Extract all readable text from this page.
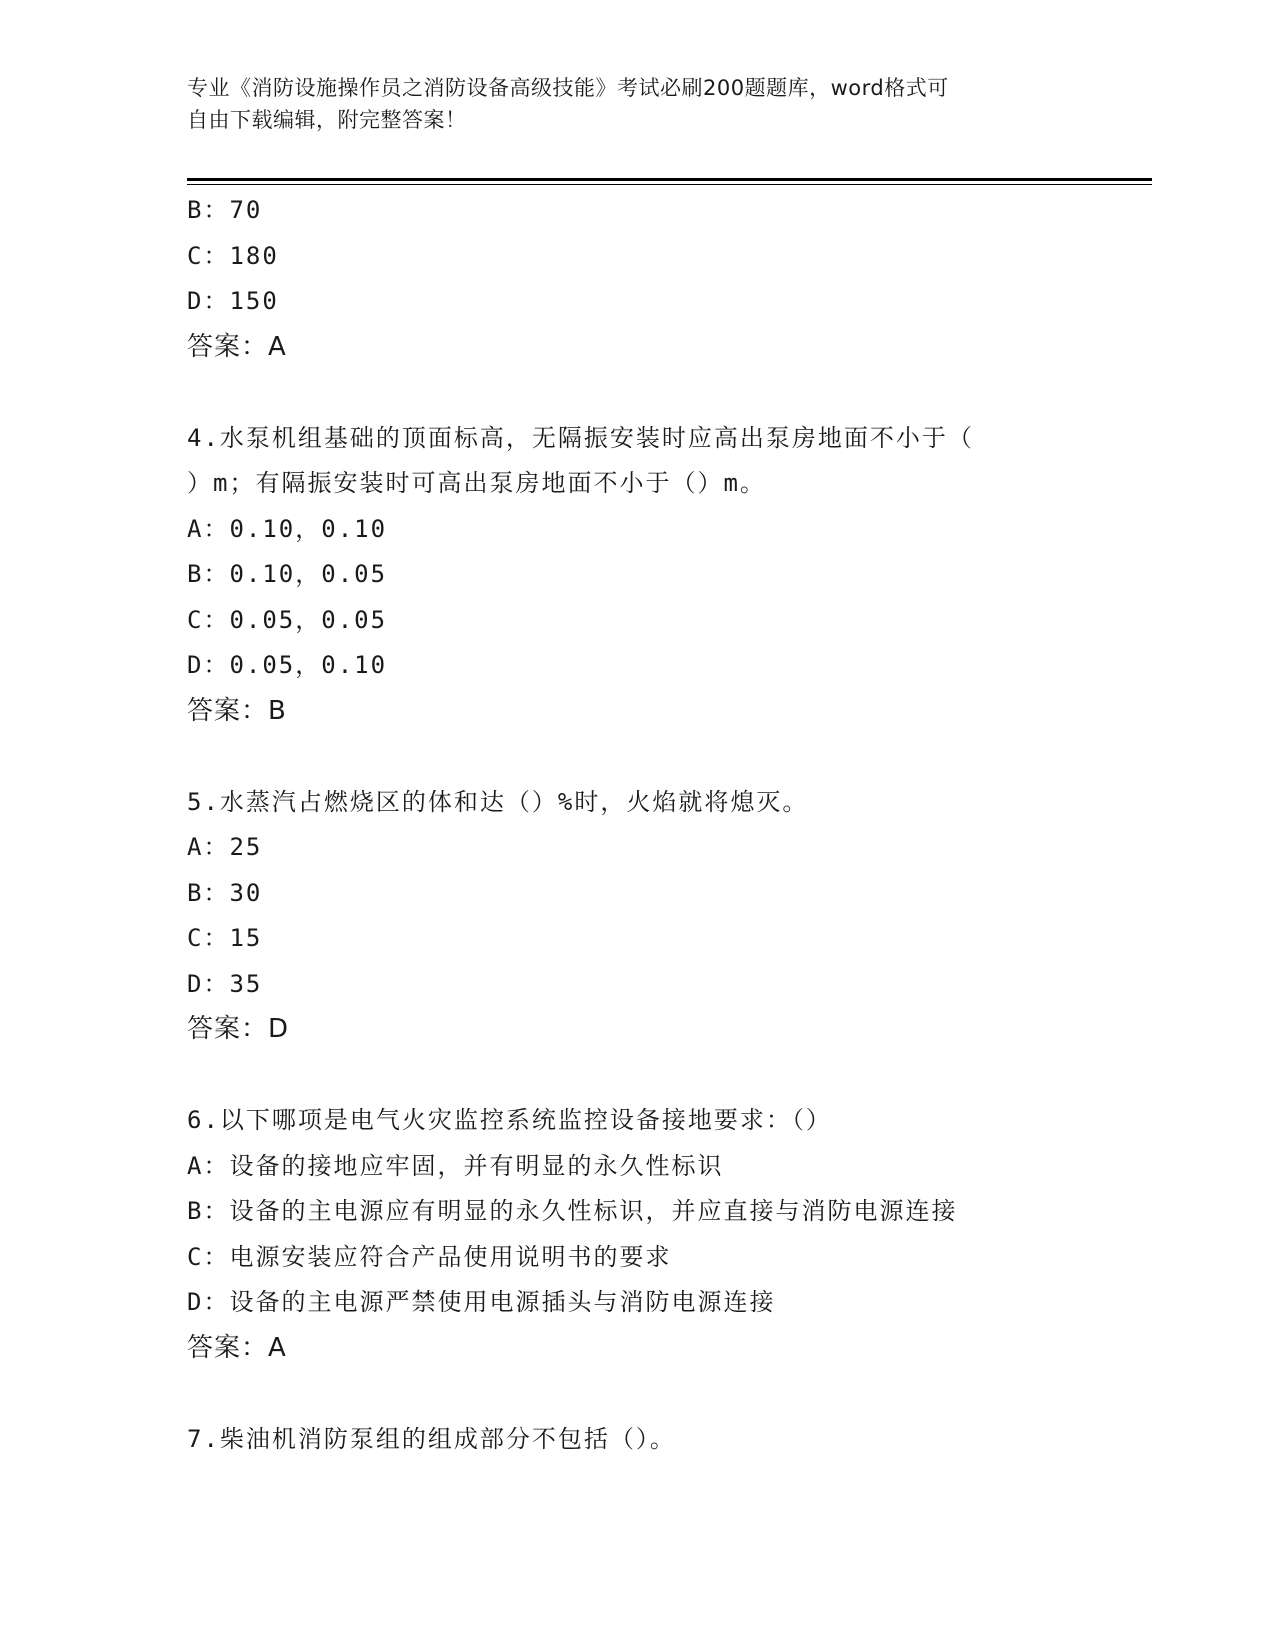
专业《消防设施操作员之消防设备高级技能》考试必刷200题题库，word格式可
自由下载编辑，附完整答案！
B：70
C：180
D：150
答案：A
4.水泵机组基础的顶面标高，无隔振安装时应高出泵房地面不小于（
）m；有隔振安装时可高出泵房地面不小于（）m。
A：0.10，0.10
B：0.10，0.05
C：0.05，0.05
D：0.05，0.10
答案：B
5.水蒸汽占燃烧区的体和达（）%时，火焰就将熄灭。
A：25
B：30
C：15
D：35
答案：D
6.以下哪项是电气火灾监控系统监控设备接地要求：（）
A：设备的接地应牢固，并有明显的永久性标识
B：设备的主电源应有明显的永久性标识，并应直接与消防电源连接
C：电源安装应符合产品使用说明书的要求
D：设备的主电源严禁使用电源插头与消防电源连接
答案：A
7.柴油机消防泵组的组成部分不包括（）。
